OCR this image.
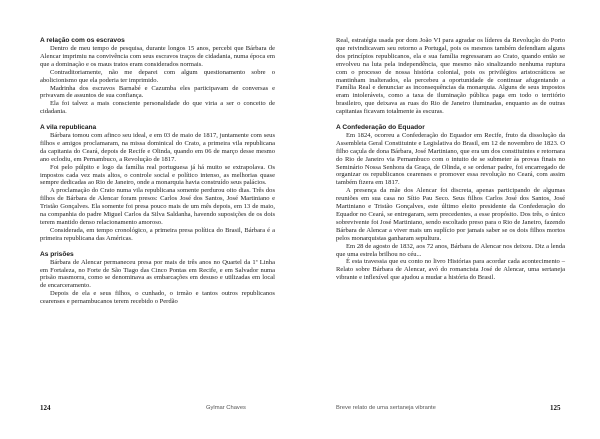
A relação com os escravos

Dentro de meu tempo de pesquisa, durante longos 15 anos, percebi que Bárbara de Alencar imprimiu na convivência com seus escravos traços de cidadania, numa época em que a dominação e os maus tratos eram considerados normais.

Contraditoriamente, não me deparei com algum questionamento sobre o abolicionismo que ela poderia ter imprimido.

Madrinha dos escravos Barnabé e Cazumba eles participavam de conversas e privavam de assuntos de sua confiança.

Ela foi talvez a mais consciente personalidade do que viria a ser o conceito de cidadania.

A vila republicana

Bárbara tomou com afinco seu ideal, e em 03 de maio de 1817, juntamente com seus filhos e amigos proclamaram, na missa dominical do Crato, a primeira vila republicana da capitania do Ceará, depois de Recife e Olinda, quando em 06 de março desse mesmo ano eclodiu, em Pernambuco, a Revolução de 1817.

Foi pelo púlpito e logo da família real portuguesa já há muito se extrapolava. Os impostos cada vez mais altos, o controle social e político intenso, as melhorias quase sempre dedicadas ao Rio de Janeiro, onde a monarquia havia construído seus palácios.

A proclamação do Crato numa vila republicana somente perdurou oito dias. Três dos filhos de Bárbara de Alencar foram presos: Carlos José dos Santos, José Martiniano e Tristão Gonçalves. Ela somente foi presa pouco mais de um mês depois, em 13 de maio, na companhia do padre Miguel Carlos da Silva Saldanha, havendo suposições de os dois terem mantido denso relacionamento amoroso.

Considerada, em tempo cronológico, a primeira presa política do Brasil, Bárbara é a primeira republicana das Américas.

As prisões

Bárbara de Alencar permaneceu presa por mais de três anos no Quartel da 1ª Linha em Fortaleza, no Forte de São Tiago das Cinco Pontas em Recife, e em Salvador numa prisão masmorra, como se denominava as embarcações em desuso e utilizadas em local de encarceramento.

Depois de ela e seus filhos, o cunhado, o irmão e tantos outros republicanos cearenses e pernambucanos terem recebido o Perdão

124	Gylmar Chaves

Real, estratégia usada por dom João VI para agradar os líderes da Revolução do Porto que reivindicavam seu retorno a Portugal, pois os mesmos também defendiam alguns dos princípios republicanos, ela e sua família regressaram ao Crato, quando então se envolveu na luta pela independência, que mesmo não sinalizando nenhuma ruptura com o processo de nossa história colonial, pois os privilégios aristocráticos se mantinham inalterados, ela percebeu a oportunidade de continuar afugentando a Família Real e denunciar as inconsequências da monarquia. Alguns de seus impostos eram intoleráveis, como a taxa de iluminação pública paga em todo o território brasileiro, que deixava as ruas do Rio de Janeiro iluminadas, enquanto as de outras capitanias ficavam totalmente às escuras.

A Confederação do Equador

Em 1824, ocorreu a Confederação do Equador em Recife, fruto da dissolução da Assembleia Geral Constituinte e Legislativa do Brasil, em 12 de novembro de 1823. O filho caçula de dona Bárbara, José Martiniano, que era um dos constituintes e retornara do Rio de Janeiro via Pernambuco com o intuito de se submeter às provas finais no Seminário Nossa Senhora da Graça, de Olinda, e se ordenar padre, foi encarregado de organizar os republicanos cearenses e promover essa revolução no Ceará, com assim também fizera em 1817.

A presença da mãe dos Alencar foi discreta, apenas participando de algumas reuniões em sua casa no Sítio Pau Seco. Seus filhos Carlos José dos Santos, José Martiniano e Tristão Gonçalves, este último eleito presidente da Confederação do Equador no Ceará, se entregaram, sem precedentes, a esse propósito. Dos três, o único sobrevivente foi José Martiniano, sendo escoltado preso para o Rio de Janeiro, fazendo Bárbara de Alencar a viver mais um suplício por jamais saber se os dois filhos mortos pelos monarquistas ganharam sepultura.

Em 28 de agosto de 1832, aos 72 anos, Bárbara de Alencar nos deixou. Diz a lenda que uma estrela brilhou no céu...

É esta travessia que eu conto no livro Histórias para acordar cada acontecimento – Relato sobre Bárbara de Alencar, avó do romancista José de Alencar, uma sertaneja vibrante e inflexível que ajudou a mudar a história do Brasil.

Breve relato de uma sertaneja vibrante	125
